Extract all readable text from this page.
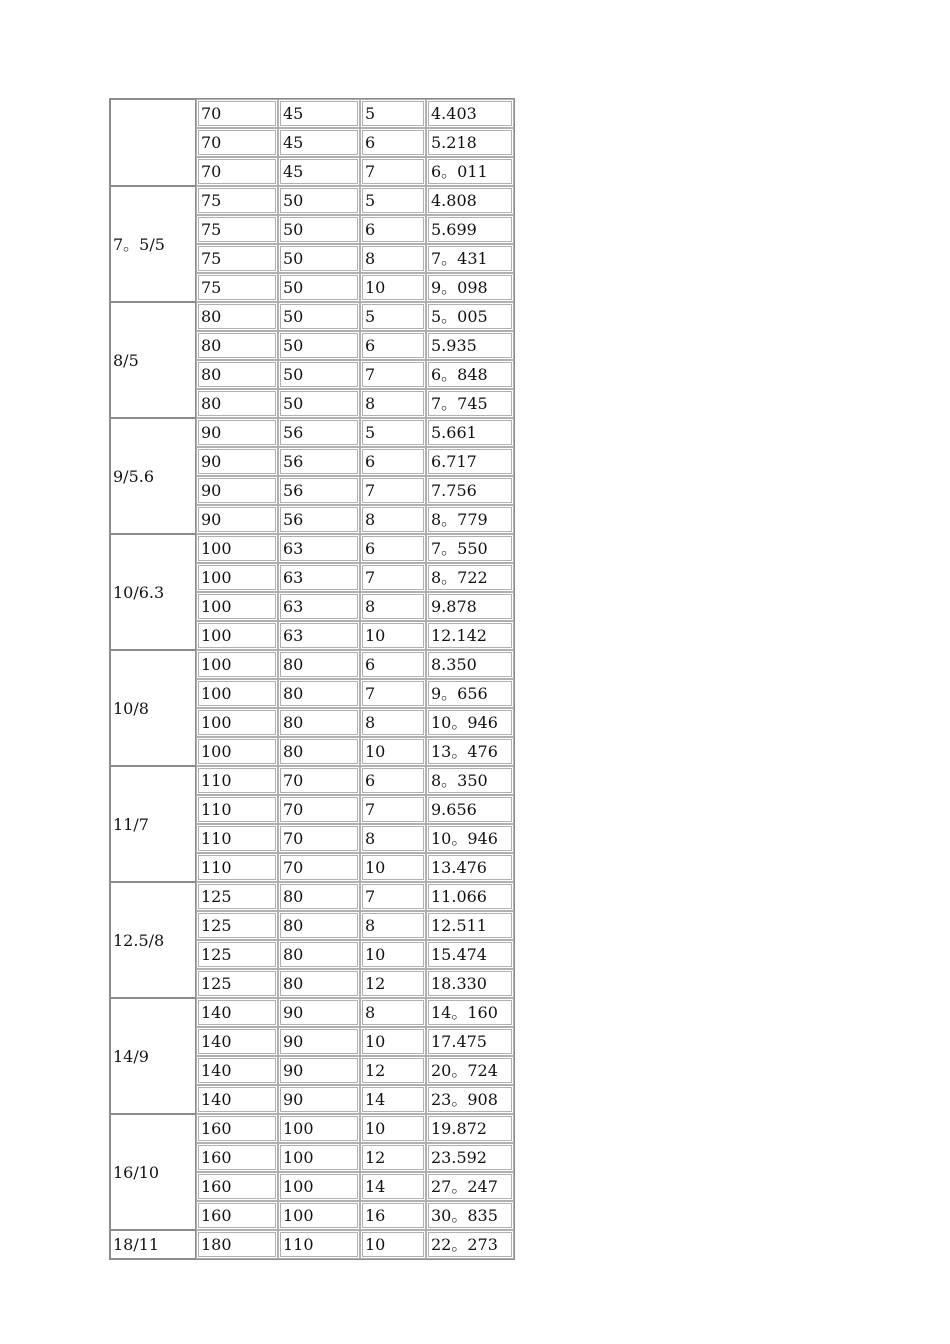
	70	45	5	4.403
	70	45	6	5.218
	70	45	7	6。011
7。5/5	75	50	5	4.808
	75	50	6	5.699
	75	50	8	7。431
	75	50	10	9。098
8/5	80	50	5	5。005
	80	50	6	5.935
	80	50	7	6。848
	80	50	8	7。745
9/5.6	90	56	5	5.661
	90	56	6	6.717
	90	56	7	7.756
	90	56	8	8。779
10/6.3	100	63	6	7。550
	100	63	7	8。722
	100	63	8	9.878
	100	63	10	12.142
10/8	100	80	6	8.350
	100	80	7	9。656
	100	80	8	10。946
	100	80	10	13。476
11/7	110	70	6	8。350
	110	70	7	9.656
	110	70	8	10。946
	110	70	10	13.476
12.5/8	125	80	7	11.066
	125	80	8	12.511
	125	80	10	15.474
	125	80	12	18.330
14/9	140	90	8	14。160
	140	90	10	17.475
	140	90	12	20。724
	140	90	14	23。908
16/10	160	100	10	19.872
	160	100	12	23.592
	160	100	14	27。247
	160	100	16	30。835
18/11	180	110	10	22。273
